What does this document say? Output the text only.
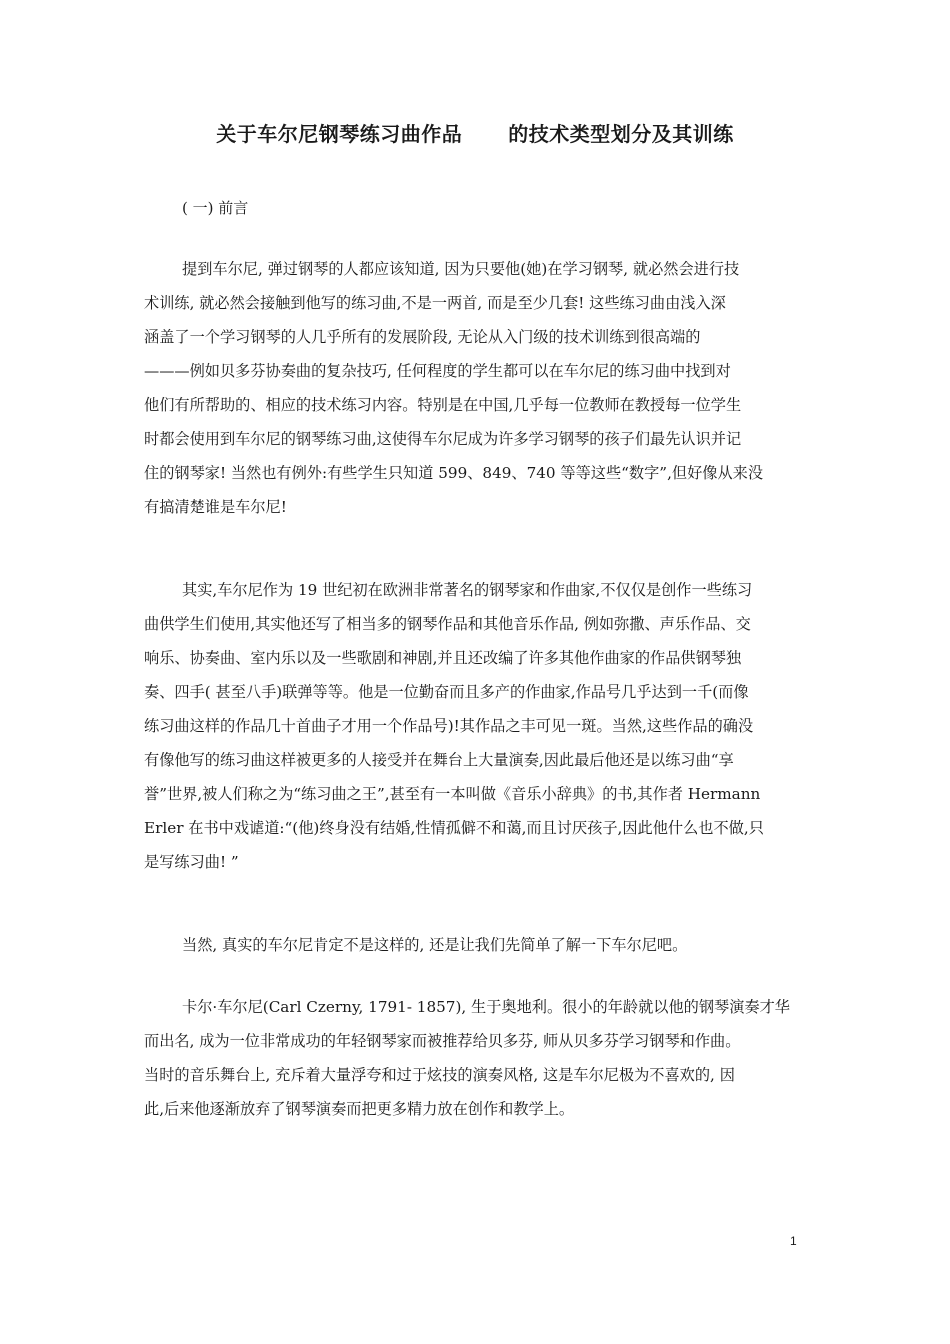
关于车尔尼钢琴练习曲作品 的技术类型划分及其训练
( 一) 前言
提到车尔尼, 弹过钢琴的人都应该知道, 因为只要他(她)在学习钢琴, 就必然会进行技
术训练, 就必然会接触到他写的练习曲,不是一两首, 而是至少几套! 这些练习曲由浅入深
涵盖了一个学习钢琴的人几乎所有的发展阶段, 无论从入门级的技术训练到很高端的
———例如贝多芬协奏曲的复杂技巧, 任何程度的学生都可以在车尔尼的练习曲中找到对
他们有所帮助的、相应的技术练习内容。特别是在中国,几乎每一位教师在教授每一位学生
时都会使用到车尔尼的钢琴练习曲,这使得车尔尼成为许多学习钢琴的孩子们最先认识并记
住的钢琴家! 当然也有例外:有些学生只知道 599、849、740 等等这些“数字”,但好像从来没
有搞清楚谁是车尔尼!
其实,车尔尼作为 19 世纪初在欧洲非常著名的钢琴家和作曲家,不仅仅是创作一些练习
曲供学生们使用,其实他还写了相当多的钢琴作品和其他音乐作品, 例如弥撒、声乐作品、交
响乐、协奏曲、室内乐以及一些歌剧和神剧,并且还改编了许多其他作曲家的作品供钢琴独
奏、四手( 甚至八手)联弹等等。他是一位勤奋而且多产的作曲家,作品号几乎达到一千(而像
练习曲这样的作品几十首曲子才用一个作品号)!其作品之丰可见一斑。当然,这些作品的确没
有像他写的练习曲这样被更多的人接受并在舞台上大量演奏,因此最后他还是以练习曲“享
誉”世界,被人们称之为“练习曲之王”,甚至有一本叫做《音乐小辞典》的书,其作者 Hermann
Erler 在书中戏谑道:“(他)终身没有结婚,性情孤僻不和蔼,而且讨厌孩子,因此他什么也不做,只
是写练习曲! ”
当然, 真实的车尔尼肯定不是这样的, 还是让我们先简单了解一下车尔尼吧。
卡尔·车尔尼(Carl Czerny, 1791- 1857), 生于奥地利。很小的年龄就以他的钢琴演奏才华
而出名, 成为一位非常成功的年轻钢琴家而被推荐给贝多芬, 师从贝多芬学习钢琴和作曲。
当时的音乐舞台上, 充斥着大量浮夸和过于炫技的演奏风格, 这是车尔尼极为不喜欢的, 因
此,后来他逐渐放弃了钢琴演奏而把更多精力放在创作和教学上。
1
